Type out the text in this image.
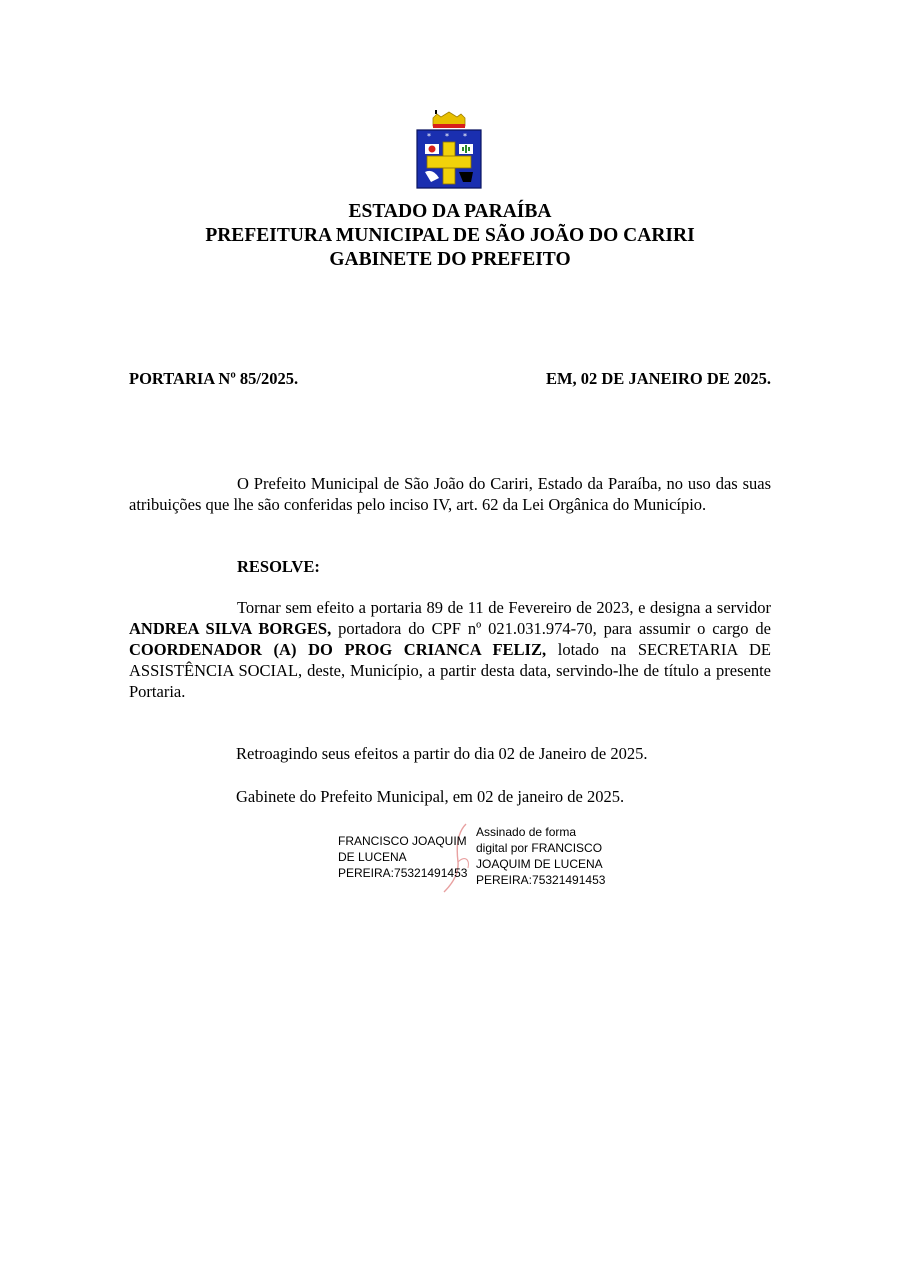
* * *
ESTADO DA PARAÍBA
PREFEITURA MUNICIPAL DE SÃO JOÃO DO CARIRI
GABINETE DO PREFEITO
PORTARIA Nº 85/2025.	EM, 02 DE JANEIRO DE 2025.
O Prefeito Municipal de São João do Cariri, Estado da Paraíba, no uso das suas atribuições que lhe são conferidas pelo inciso IV, art. 62 da Lei Orgânica do Município.
RESOLVE:
Tornar sem efeito a portaria 89 de 11 de Fevereiro de 2023, e designa a servidor ANDREA SILVA BORGES, portadora do CPF nº 021.031.974-70, para assumir o cargo de COORDENADOR (A) DO PROG CRIANCA FELIZ, lotado na SECRETARIA DE ASSISTÊNCIA SOCIAL, deste, Município, a partir desta data, servindo-lhe de título a presente Portaria.
Retroagindo seus efeitos a partir do dia 02 de Janeiro de 2025.
Gabinete do Prefeito Municipal, em 02 de janeiro de 2025.
FRANCISCO JOAQUIM
DE LUCENA
PEREIRA:75321491453
Assinado de forma
digital por FRANCISCO
JOAQUIM DE LUCENA
PEREIRA:75321491453
